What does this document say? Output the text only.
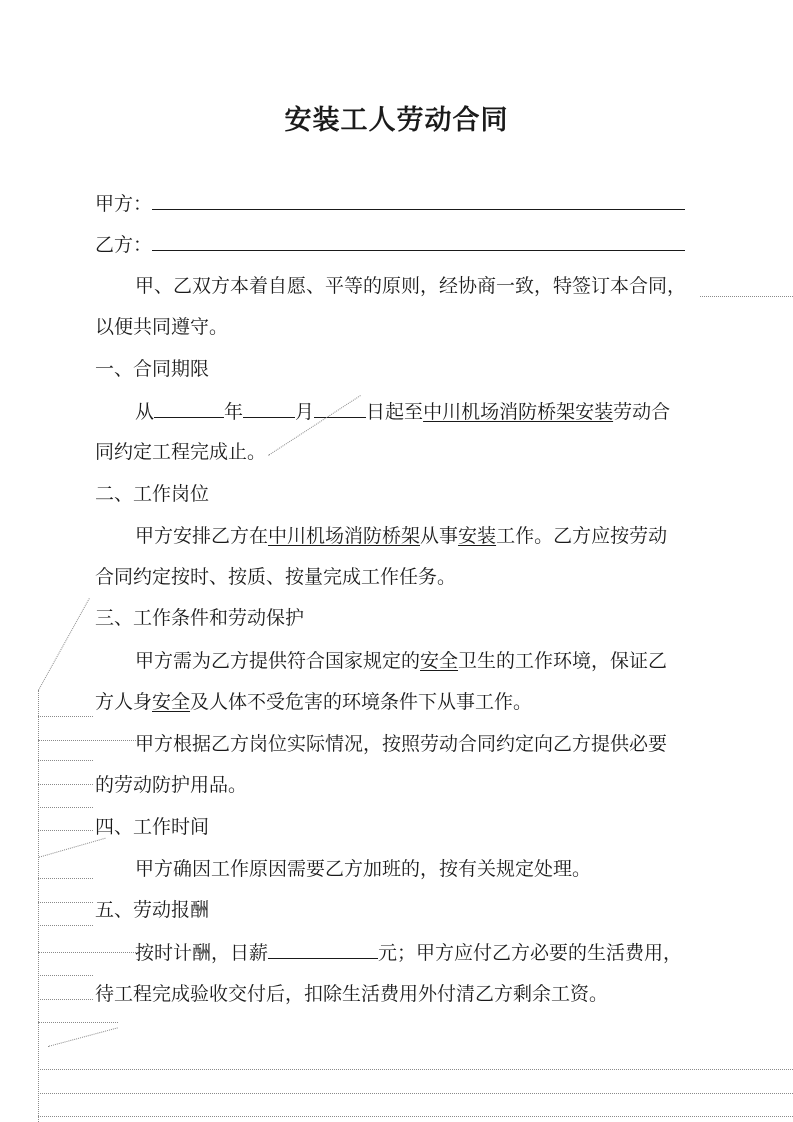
安装工人劳动合同
甲方：
乙方：
甲、乙双方本着自愿、平等的原则，经协商一致，特签订本合同，
以便共同遵守。
一、合同期限
从	年	月	日起至中川机场消防桥架安装劳动合
同约定工程完成止。
二、工作岗位
甲方安排乙方在中川机场消防桥架从事安装工作。乙方应按劳动
合同约定按时、按质、按量完成工作任务。
三、工作条件和劳动保护
甲方需为乙方提供符合国家规定的安全卫生的工作环境，保证乙
方人身安全及人体不受危害的环境条件下从事工作。
甲方根据乙方岗位实际情况，按照劳动合同约定向乙方提供必要
的劳动防护用品。
四、工作时间
甲方确因工作原因需要乙方加班的，按有关规定处理。
五、劳动报酬
按时计酬，日薪	元；甲方应付乙方必要的生活费用，
待工程完成验收交付后，扣除生活费用外付清乙方剩余工资。
